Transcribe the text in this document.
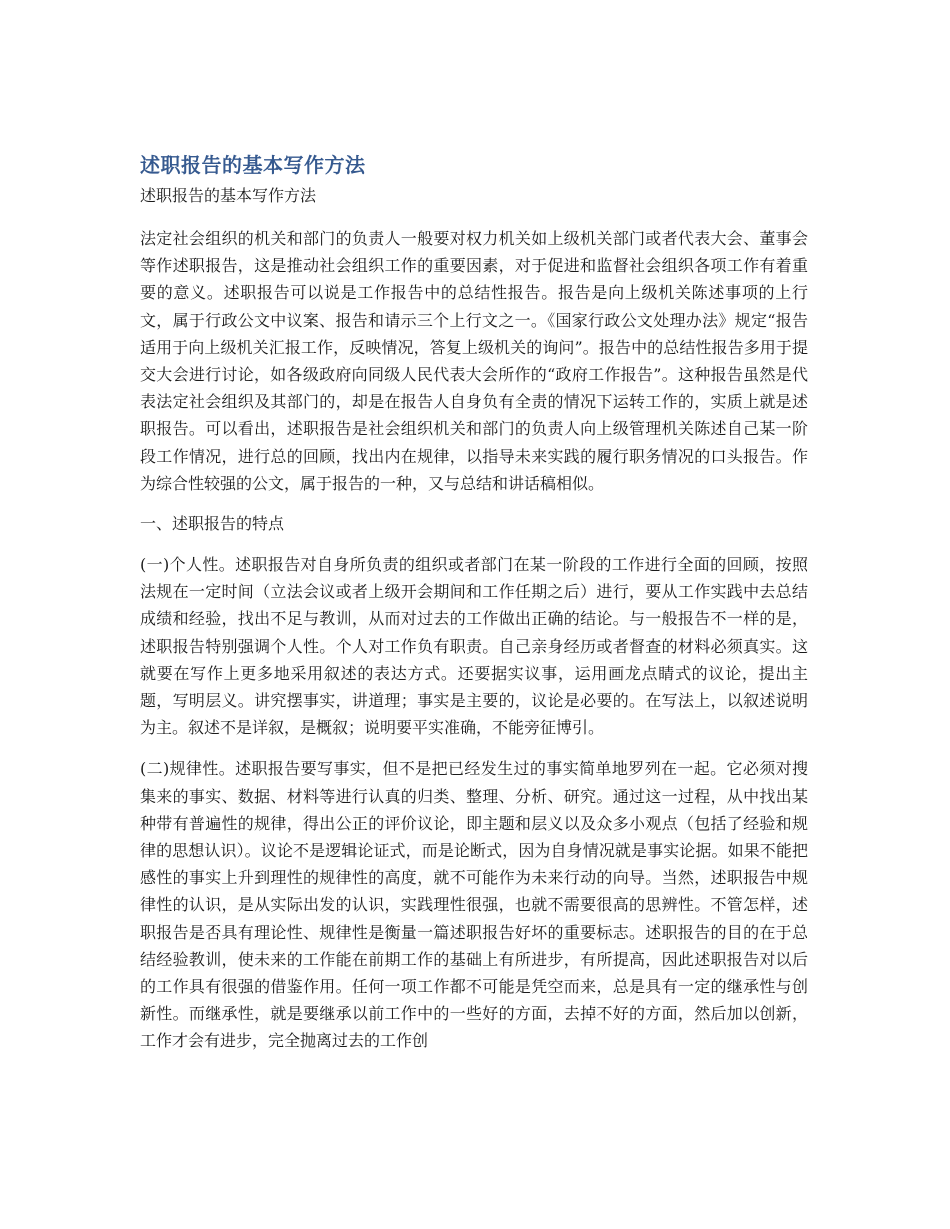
述职报告的基本写作方法
述职报告的基本写作方法

法定社会组织的机关和部门的负责人一般要对权力机关如上级机关部门或者代表大会、董事会等作述职报告，这是推动社会组织工作的重要因素，对于促进和监督社会组织各项工作有着重要的意义。述职报告可以说是工作报告中的总结性报告。报告是向上级机关陈述事项的上行文，属于行政公文中议案、报告和请示三个上行文之一。《国家行政公文处理办法》规定“报告适用于向上级机关汇报工作，反映情况，答复上级机关的询问”。报告中的总结性报告多用于提交大会进行讨论，如各级政府向同级人民代表大会所作的“政府工作报告”。这种报告虽然是代表法定社会组织及其部门的，却是在报告人自身负有全责的情况下运转工作的，实质上就是述职报告。可以看出，述职报告是社会组织机关和部门的负责人向上级管理机关陈述自己某一阶段工作情况，进行总的回顾，找出内在规律，以指导未来实践的履行职务情况的口头报告。作为综合性较强的公文，属于报告的一种，又与总结和讲话稿相似。

一、述职报告的特点

(一)个人性。述职报告对自身所负责的组织或者部门在某一阶段的工作进行全面的回顾，按照法规在一定时间（立法会议或者上级开会期间和工作任期之后）进行，要从工作实践中去总结成绩和经验，找出不足与教训，从而对过去的工作做出正确的结论。与一般报告不一样的是，述职报告特别强调个人性。个人对工作负有职责。自己亲身经历或者督查的材料必须真实。这就要在写作上更多地采用叙述的表达方式。还要据实议事，运用画龙点睛式的议论，提出主题，写明层义。讲究摆事实，讲道理；事实是主要的，议论是必要的。在写法上，以叙述说明为主。叙述不是详叙，是概叙；说明要平实准确，不能旁征博引。

(二)规律性。述职报告要写事实，但不是把已经发生过的事实简单地罗列在一起。它必须对搜集来的事实、数据、材料等进行认真的归类、整理、分析、研究。通过这一过程，从中找出某种带有普遍性的规律，得出公正的评价议论，即主题和层义以及众多小观点（包括了经验和规律的思想认识）。议论不是逻辑论证式，而是论断式，因为自身情况就是事实论据。如果不能把感性的事实上升到理性的规律性的高度，就不可能作为未来行动的向导。当然，述职报告中规律性的认识，是从实际出发的认识，实践理性很强，也就不需要很高的思辨性。不管怎样，述职报告是否具有理论性、规律性是衡量一篇述职报告好坏的重要标志。述职报告的目的在于总结经验教训，使未来的工作能在前期工作的基础上有所进步，有所提高，因此述职报告对以后的工作具有很强的借鉴作用。任何一项工作都不可能是凭空而来，总是具有一定的继承性与创新性。而继承性，就是要继承以前工作中的一些好的方面，去掉不好的方面，然后加以创新，工作才会有进步，完全抛离过去的工作创
